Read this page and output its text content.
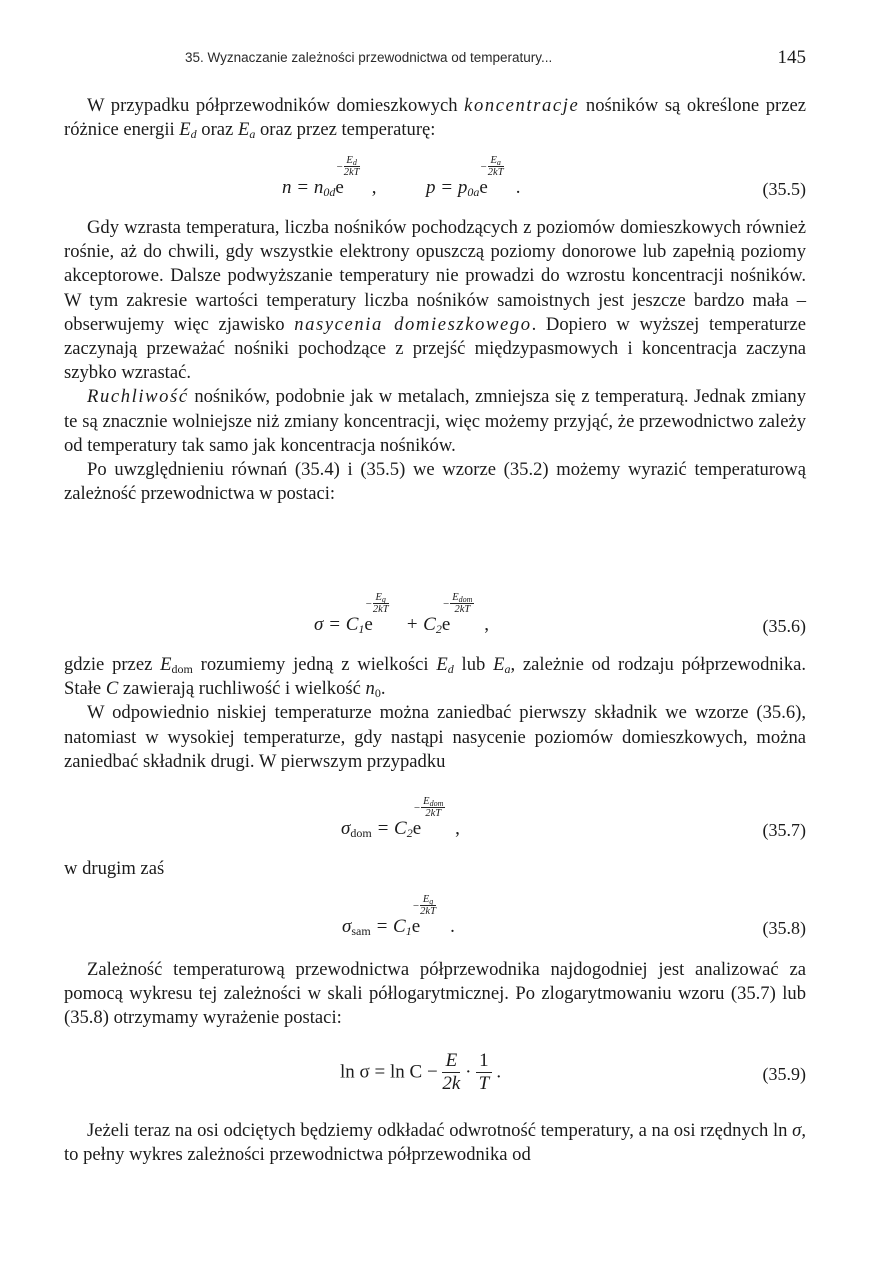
35. Wyznaczanie zależności przewodnictwa od temperatury...	145

W przypadku półprzewodników domieszkowych koncentracje nośników są określone przez różnice energii $E_d$ oraz $E_a$ oraz przez temperaturę:

$n = n_{0d}e$
−
$E_d$
2kT
,	$p = p_{0a}e$
−
$E_a$
2kT
.	(35.5)

Gdy wzrasta temperatura, liczba nośników pochodzących z poziomów domieszkowych również rośnie, aż do chwili, gdy wszystkie elektrony opuszczą poziomy donorowe lub zapełnią poziomy akceptorowe. Dalsze podwyższanie temperatury nie prowadzi do wzrostu koncentracji nośników. W tym zakresie wartości temperatury liczba nośników samoistnych jest jeszcze bardzo mała – obserwujemy więc zjawisko nasycenia domieszkowego. Dopiero w wyższej temperaturze zaczynają przeważać nośniki pochodzące z przejść międzypasmowych i koncentracja zaczyna szybko wzrastać.

Ruchliwość nośników, podobnie jak w metalach, zmniejsza się z temperaturą. Jednak zmiany te są znacznie wolniejsze niż zmiany koncentracji, więc możemy przyjąć, że przewodnictwo zależy od temperatury tak samo jak koncentracja nośników.

Po uwzględnieniu równań (35.4) i (35.5) we wzorze (35.2) możemy wyrazić temperaturową zależność przewodnictwa w postaci:

$\sigma = C_1e$
−
$E_g$
2kT
+ $C_2e$
−
$E_{dom}$
2kT
,	(35.6)

gdzie przez $E_{dom}$ rozumiemy jedną z wielkości $E_d$ lub $E_a$, zależnie od rodzaju półprzewodnika. Stałe C zawierają ruchliwość i wielkość $n_0$.

W odpowiednio niskiej temperaturze można zaniedbać pierwszy składnik we wzorze (35.6), natomiast w wysokiej temperaturze, gdy nastąpi nasycenie poziomów domieszkowych, można zaniedbać składnik drugi. W pierwszym przypadku

$\sigma_{dom} = C_2e$
−
$E_{dom}$
2kT
,	(35.7)

w drugim zaś

$\sigma_{sam} = C_1e$
−
$E_g$
2kT
.	(35.8)

Zależność temperaturową przewodnictwa półprzewodnika najdogodniej jest analizować za pomocą wykresu tej zależności w skali półlogarytmicznej. Po zlogarytmowaniu wzoru (35.7) lub (35.8) otrzymamy wyrażenie postaci:

$\ln \sigma = \ln C - \frac{E}{2k} \cdot \frac{1}{T}$ .	(35.9)

Jeżeli teraz na osi odciętych będziemy odkładać odwrotność temperatury, a na osi rzędnych ln σ, to pełny wykres zależności przewodnictwa półprzewodnika od
